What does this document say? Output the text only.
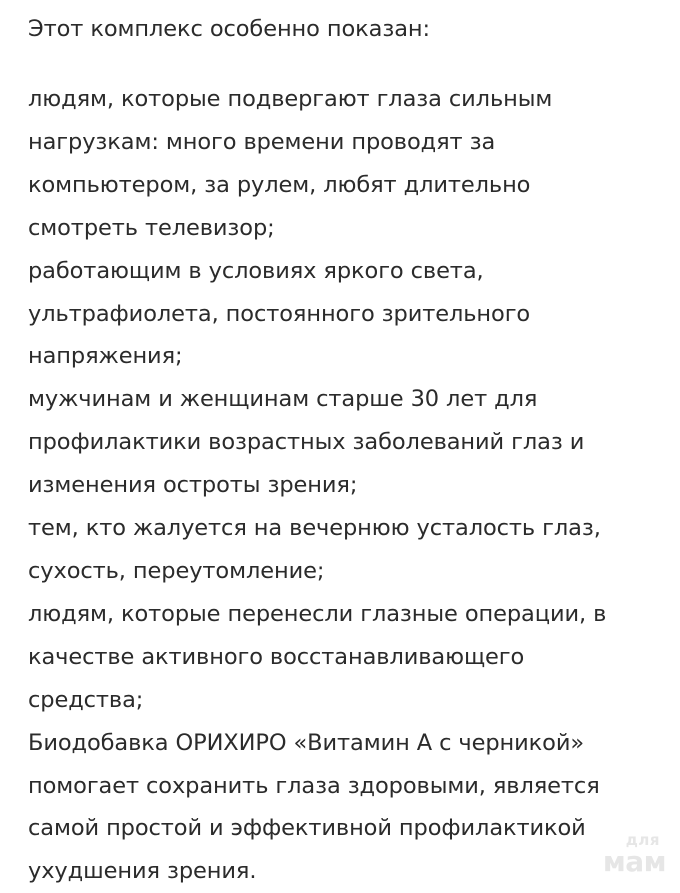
Этот комплекс особенно показан:
людям, которые подвергают глаза сильным
нагрузкам: много времени проводят за
компьютером, за рулем, любят длительно
смотреть телевизор;
работающим в условиях яркого света,
ультрафиолета, постоянного зрительного
напряжения;
мужчинам и женщинам старше 30 лет для
профилактики возрастных заболеваний глаз и
изменения остроты зрения;
тем, кто жалуется на вечернюю усталость глаз,
сухость, переутомление;
людям, которые перенесли глазные операции, в
качестве активного восстанавливающего
средства;
Биодобавка ОРИХИРО «Витамин А с черникой»
помогает сохранить глаза здоровыми, является
самой простой и эффективной профилактикой
ухудшения зрения.
для
мам
